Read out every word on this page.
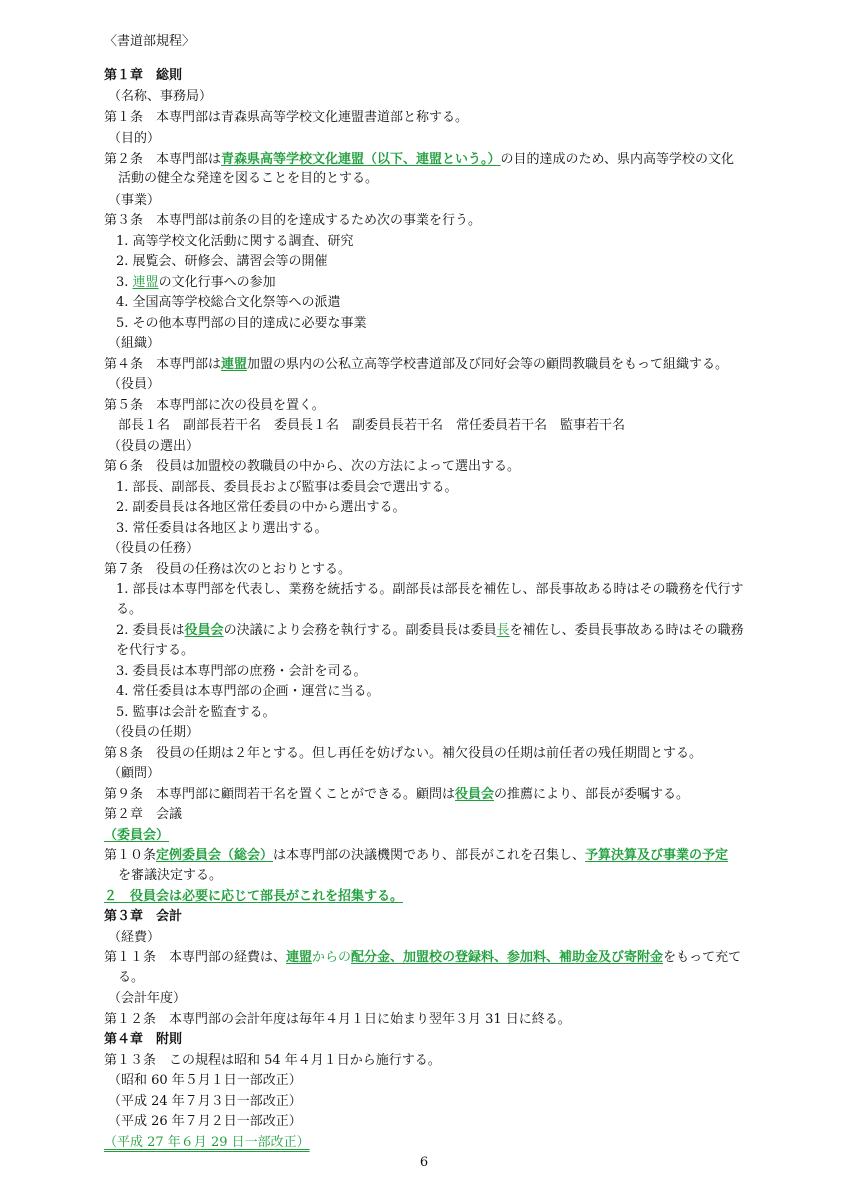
〈書道部規程〉
第１章　総則
（名称、事務局）
第１条　本専門部は青森県高等学校文化連盟書道部と称する。
（目的）
第２条　本専門部は青森県高等学校文化連盟（以下、連盟という。）の目的達成のため、県内高等学校の文化
活動の健全な発達を図ることを目的とする。
（事業）
第３条　本専門部は前条の目的を達成するため次の事業を行う。
1. 高等学校文化活動に関する調査、研究
2. 展覧会、研修会、講習会等の開催
3. 連盟の文化行事への参加
4. 全国高等学校総合文化祭等への派遣
5. その他本専門部の目的達成に必要な事業
（組織）
第４条　本専門部は連盟加盟の県内の公私立高等学校書道部及び同好会等の顧問教職員をもって組織する。
（役員）
第５条　本専門部に次の役員を置く。
部長１名　副部長若干名　委員長１名　副委員長若干名　常任委員若干名　監事若干名
（役員の選出）
第６条　役員は加盟校の教職員の中から、次の方法によって選出する。
1. 部長、副部長、委員長および監事は委員会で選出する。
2. 副委員長は各地区常任委員の中から選出する。
3. 常任委員は各地区より選出する。
（役員の任務）
第７条　役員の任務は次のとおりとする。
1. 部長は本専門部を代表し、業務を統括する。副部長は部長を補佐し、部長事故ある時はその職務を代行す
る。
2. 委員長は役員会の決議により会務を執行する。副委員長は委員長を補佐し、委員長事故ある時はその職務
を代行する。
3. 委員長は本専門部の庶務・会計を司る。
4. 常任委員は本専門部の企画・運営に当る。
5. 監事は会計を監査する。
（役員の任期）
第８条　役員の任期は２年とする。但し再任を妨げない。補欠役員の任期は前任者の残任期間とする。
（顧問）
第９条　本専門部に顧問若干名を置くことができる。顧問は役員会の推薦により、部長が委嘱する。
第２章　会議
（委員会）
第１０条定例委員会（総会）は本専門部の決議機関であり、部長がこれを召集し、予算決算及び事業の予定
を審議決定する。
２　役員会は必要に応じて部長がこれを招集する。
第３章　会計
（経費）
第１１条　本専門部の経費は、連盟からの配分金、加盟校の登録料、参加料、補助金及び寄附金をもって充て
る。
（会計年度）
第１２条　本専門部の会計年度は毎年４月１日に始まり翌年３月 31 日に終る。
第４章　附則
第１３条　この規程は昭和 54 年４月１日から施行する。
（昭和 60 年５月１日一部改正）
（平成 24 年７月３日一部改正）
（平成 26 年７月２日一部改正）
（平成 27 年６月 29 日一部改正）
6
